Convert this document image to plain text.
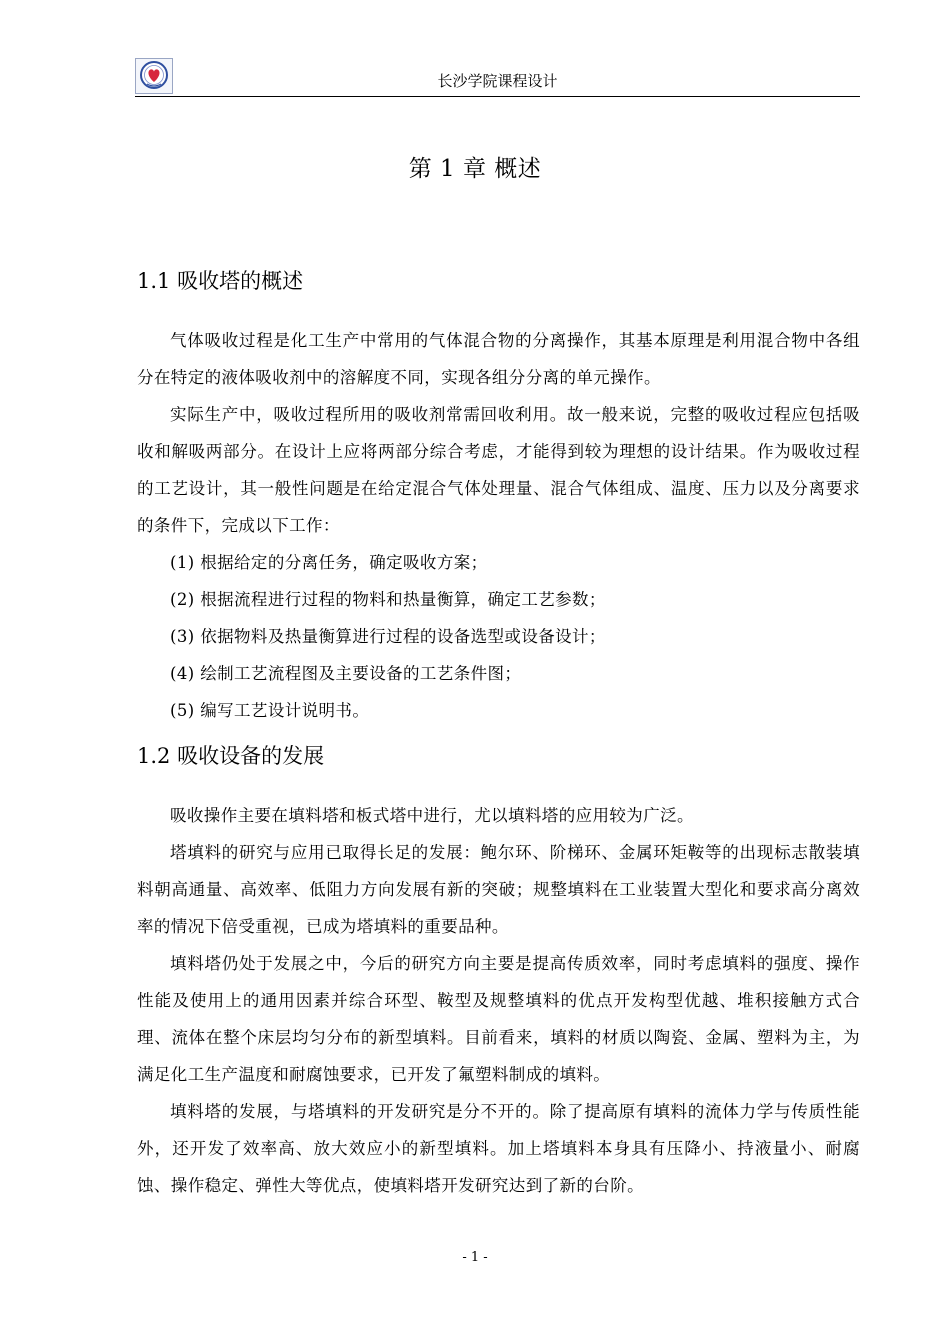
长沙学院课程设计
第 1 章 概述
1.1 吸收塔的概述

气体吸收过程是化工生产中常用的气体混合物的分离操作，其基本原理是利用混合物中各组分在特定的液体吸收剂中的溶解度不同，实现各组分分离的单元操作。

实际生产中，吸收过程所用的吸收剂常需回收利用。故一般来说，完整的吸收过程应包括吸收和解吸两部分。在设计上应将两部分综合考虑，才能得到较为理想的设计结果。作为吸收过程的工艺设计，其一般性问题是在给定混合气体处理量、混合气体组成、温度、压力以及分离要求的条件下，完成以下工作：

(1) 根据给定的分离任务，确定吸收方案；
(2) 根据流程进行过程的物料和热量衡算，确定工艺参数；
(3) 依据物料及热量衡算进行过程的设备选型或设备设计；
(4) 绘制工艺流程图及主要设备的工艺条件图；
(5) 编写工艺设计说明书。
1.2 吸收设备的发展

吸收操作主要在填料塔和板式塔中进行，尤以填料塔的应用较为广泛。

塔填料的研究与应用已取得长足的发展：鲍尔环、阶梯环、金属环矩鞍等的出现标志散装填料朝高通量、高效率、低阻力方向发展有新的突破；规整填料在工业装置大型化和要求高分离效率的情况下倍受重视，已成为塔填料的重要品种。

填料塔仍处于发展之中，今后的研究方向主要是提高传质效率，同时考虑填料的强度、操作性能及使用上的通用因素并综合环型、鞍型及规整填料的优点开发构型优越、堆积接触方式合理、流体在整个床层均匀分布的新型填料。目前看来，填料的材质以陶瓷、金属、塑料为主，为满足化工生产温度和耐腐蚀要求，已开发了氟塑料制成的填料。

填料塔的发展，与塔填料的开发研究是分不开的。除了提高原有填料的流体力学与传质性能外，还开发了效率高、放大效应小的新型填料。加上塔填料本身具有压降小、持液量小、耐腐蚀、操作稳定、弹性大等优点，使填料塔开发研究达到了新的台阶。

- 1 -
